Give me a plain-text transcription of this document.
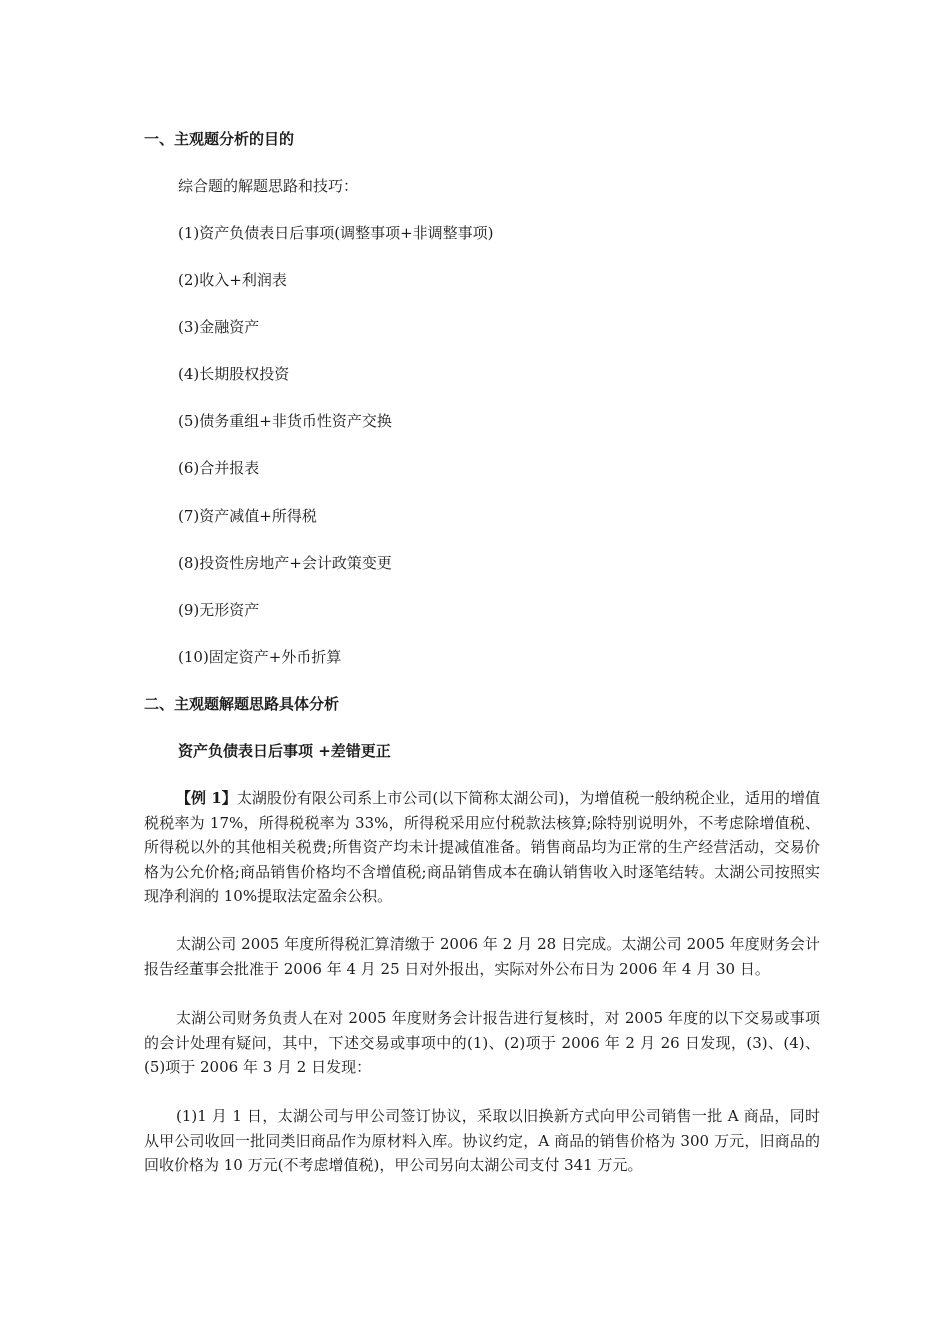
一、主观题分析的目的
综合题的解题思路和技巧：
(1)资产负债表日后事项(调整事项+非调整事项)
(2)收入+利润表
(3)金融资产
(4)长期股权投资
(5)债务重组+非货币性资产交换
(6)合并报表
(7)资产减值+所得税
(8)投资性房地产+会计政策变更
(9)无形资产
(10)固定资产+外币折算
二、主观题解题思路具体分析
资产负债表日后事项 +差错更正
【例 1】太湖股份有限公司系上市公司(以下简称太湖公司)，为增值税一般纳税企业，适用的增值税税率为 17%，所得税税率为 33%，所得税采用应付税款法核算;除特别说明外，不考虑除增值税、所得税以外的其他相关税费;所售资产均未计提减值准备。销售商品均为正常的生产经营活动，交易价格为公允价格;商品销售价格均不含增值税;商品销售成本在确认销售收入时逐笔结转。太湖公司按照实现净利润的 10%提取法定盈余公积。
太湖公司 2005 年度所得税汇算清缴于 2006 年 2 月 28 日完成。太湖公司 2005 年度财务会计报告经董事会批准于 2006 年 4 月 25 日对外报出，实际对外公布日为 2006 年 4 月 30 日。
太湖公司财务负责人在对 2005 年度财务会计报告进行复核时，对 2005 年度的以下交易或事项的会计处理有疑问，其中，下述交易或事项中的(1)、(2)项于 2006 年 2 月 26 日发现，(3)、(4)、(5)项于 2006 年 3 月 2 日发现：
(1)1 月 1 日，太湖公司与甲公司签订协议，采取以旧换新方式向甲公司销售一批 A 商品，同时从甲公司收回一批同类旧商品作为原材料入库。协议约定，A 商品的销售价格为 300 万元，旧商品的回收价格为 10 万元(不考虑增值税)，甲公司另向太湖公司支付 341 万元。
